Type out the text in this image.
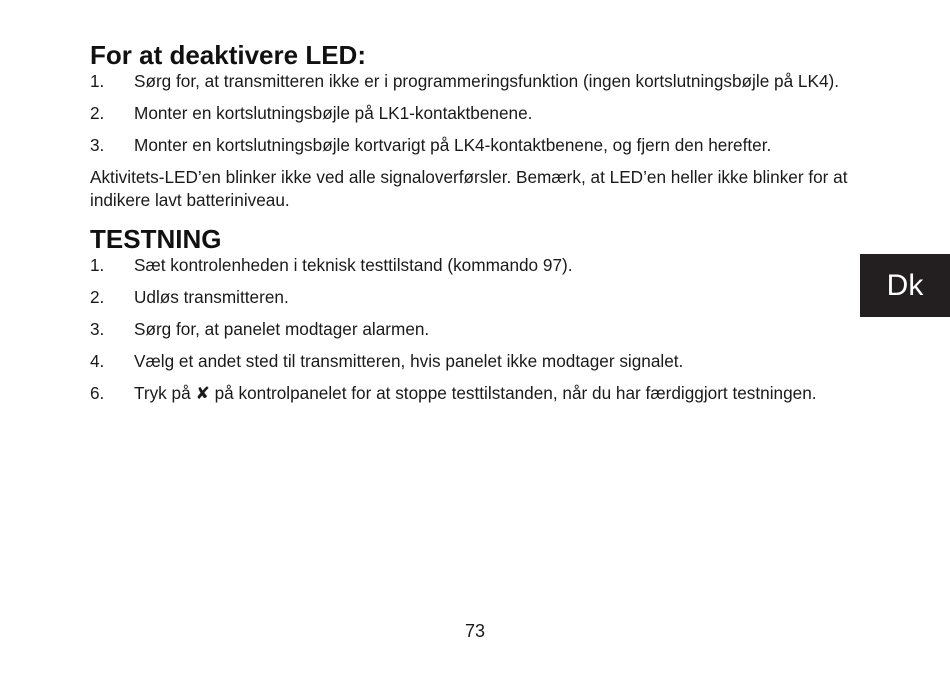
For at deaktivere LED:
1.	Sørg for, at transmitteren ikke er i programmeringsfunktion (ingen kortslutningsbøjle på LK4).
2.	Monter en kortslutningsbøjle på LK1-kontaktbenene.
3.	Monter en kortslutningsbøjle kortvarigt på LK4-kontaktbenene, og fjern den herefter.

Aktivitets-LED’en blinker ikke ved alle signaloverførsler. Bemærk, at LED’en heller ikke blinker for at indikere lavt batteriniveau.

TESTNING
1.	Sæt kontrolenheden i teknisk testtilstand (kommando 97).
2.	Udløs transmitteren.
3.	Sørg for, at panelet modtager alarmen.
4.	Vælg et andet sted til transmitteren, hvis panelet ikke modtager signalet.
6.	Tryk på ✘ på kontrolpanelet for at stoppe testtilstanden, når du har færdiggjort testningen.
Dk
73
